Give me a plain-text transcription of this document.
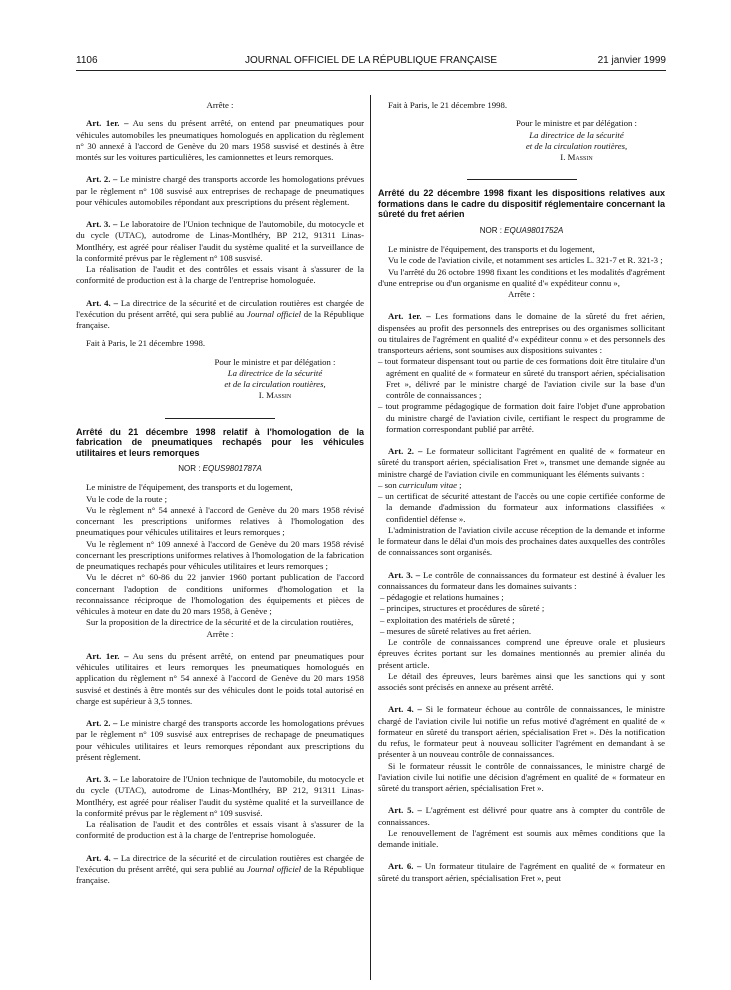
1106	JOURNAL OFFICIEL DE LA RÉPUBLIQUE FRANÇAISE	21 janvier 1999

Arrête :

Art. 1er. – Au sens du présent arrêté, on entend par pneumatiques pour véhicules automobiles les pneumatiques homologués en application du règlement n° 30 annexé à l'accord de Genève du 20 mars 1958 susvisé et destinés à être montés sur les voitures particulières, les camionnettes et leurs remorques.

Art. 2. – Le ministre chargé des transports accorde les homologations prévues par le règlement n° 108 susvisé aux entreprises de rechapage de pneumatiques pour véhicules automobiles répondant aux prescriptions du présent règlement.

Art. 3. – Le laboratoire de l'Union technique de l'automobile, du motocycle et du cycle (UTAC), autodrome de Linas-Montlhéry, BP 212, 91311 Linas-Montlhéry, est agréé pour réaliser l'audit du système qualité et la surveillance de la conformité prévus par le règlement n° 108 susvisé.

La réalisation de l'audit et des contrôles et essais visant à s'assurer de la conformité de production est à la charge de l'entreprise homologuée.

Art. 4. – La directrice de la sécurité et de circulation routières est chargée de l'exécution du présent arrêté, qui sera publié au Journal officiel de la République française.

Fait à Paris, le 21 décembre 1998.

Pour le ministre et par délégation :

La directrice de la sécurité

et de la circulation routières,

I. Massin

Arrêté du 21 décembre 1998 relatif à l'homologation de la fabrication de pneumatiques rechapés pour les véhicules utilitaires et leurs remorques

NOR : EQUS9801787A

Le ministre de l'équipement, des transports et du logement,

Vu le code de la route ;

Vu le règlement n° 54 annexé à l'accord de Genève du 20 mars 1958 révisé concernant les prescriptions uniformes relatives à l'homologation des pneumatiques pour véhicules utilitaires et leurs remorques ;

Vu le règlement n° 109 annexé à l'accord de Genève du 20 mars 1958 révisé concernant les prescriptions uniformes relatives à l'homologation de la fabrication de pneumatiques rechapés pour véhicules utilitaires et leurs remorques ;

Vu le décret n° 60-86 du 22 janvier 1960 portant publication de l'accord concernant l'adoption de conditions uniformes d'homologation et la reconnaissance réciproque de l'homologation des équipements et pièces de véhicules à moteur en date du 20 mars 1958, à Genève ;

Sur la proposition de la directrice de la sécurité et de la circulation routières,

Arrête :

Art. 1er. – Au sens du présent arrêté, on entend par pneumatiques pour véhicules utilitaires et leurs remorques les pneumatiques homologués en application du règlement n° 54 annexé à l'accord de Genève du 20 mars 1958 susvisé et destinés à être montés sur des véhicules dont le poids total autorisé en charge est supérieur à 3,5 tonnes.

Art. 2. – Le ministre chargé des transports accorde les homologations prévues par le règlement n° 109 susvisé aux entreprises de rechapage de pneumatiques pour véhicules utilitaires et leurs remorques répondant aux prescriptions du présent règlement.

Art. 3. – Le laboratoire de l'Union technique de l'automobile, du motocycle et du cycle (UTAC), autodrome de Linas-Montlhéry, BP 212, 91311 Linas-Montlhéry, est agréé pour réaliser l'audit du système qualité et la surveillance de la conformité prévus par le règlement n° 109 susvisé.

La réalisation de l'audit et des contrôles et essais visant à s'assurer de la conformité de production est à la charge de l'entreprise homologuée.

Art. 4. – La directrice de la sécurité et de circulation routières est chargée de l'exécution du présent arrêté, qui sera publié au Journal officiel de la République française.

Fait à Paris, le 21 décembre 1998.

Pour le ministre et par délégation :

La directrice de la sécurité

et de la circulation routières,

I. Massin

Arrêté du 22 décembre 1998 fixant les dispositions relatives aux formations dans le cadre du dispositif réglementaire concernant la sûreté du fret aérien

NOR : EQUA9801752A

Le ministre de l'équipement, des transports et du logement,

Vu le code de l'aviation civile, et notamment ses articles L. 321-7 et R. 321-3 ;

Vu l'arrêté du 26 octobre 1998 fixant les conditions et les modalités d'agrément d'une entreprise ou d'un organisme en qualité d'« expéditeur connu »,

Arrête :

Art. 1er. – Les formations dans le domaine de la sûreté du fret aérien, dispensées au profit des personnels des entreprises ou des organismes sollicitant ou titulaires de l'agrément en qualité d'« expéditeur connu » et des personnels des transporteurs aériens, sont soumises aux dispositions suivantes :

– tout formateur dispensant tout ou partie de ces formations doit être titulaire d'un agrément en qualité de « formateur en sûreté du transport aérien, spécialisation Fret », délivré par le ministre chargé de l'aviation civile sur la base d'un contrôle de connaissances ;

– tout programme pédagogique de formation doit faire l'objet d'une approbation du ministre chargé de l'aviation civile, certifiant le respect du programme de formation correspondant publié par arrêté.

Art. 2. – Le formateur sollicitant l'agrément en qualité de « formateur en sûreté du transport aérien, spécialisation Fret », transmet une demande signée au ministre chargé de l'aviation civile en communiquant les éléments suivants :

– son curriculum vitae ;

– un certificat de sécurité attestant de l'accès ou une copie certifiée conforme de la demande d'admission du formateur aux informations classifiées « confidentiel défense ».

L'administration de l'aviation civile accuse réception de la demande et informe le formateur dans le délai d'un mois des prochaines dates auxquelles des contrôles de connaissances sont organisés.

Art. 3. – Le contrôle de connaissances du formateur est destiné à évaluer les connaissances du formateur dans les domaines suivants :

– pédagogie et relations humaines ;

– principes, structures et procédures de sûreté ;

– exploitation des matériels de sûreté ;

– mesures de sûreté relatives au fret aérien.

Le contrôle de connaissances comprend une épreuve orale et plusieurs épreuves écrites portant sur les domaines mentionnés au premier alinéa du présent article.

Le détail des épreuves, leurs barèmes ainsi que les sanctions qui y sont associés sont précisés en annexe au présent arrêté.

Art. 4. – Si le formateur échoue au contrôle de connaissances, le ministre chargé de l'aviation civile lui notifie un refus motivé d'agrément en qualité de « formateur en sûreté du transport aérien, spécialisation Fret ». Dès la notification du refus, le formateur peut à nouveau solliciter l'agrément en demandant à se présenter à un nouveau contrôle de connaissances.

Si le formateur réussit le contrôle de connaissances, le ministre chargé de l'aviation civile lui notifie une décision d'agrément en qualité de « formateur en sûreté du transport aérien, spécialisation Fret ».

Art. 5. – L'agrément est délivré pour quatre ans à compter du contrôle de connaissances.

Le renouvellement de l'agrément est soumis aux mêmes conditions que la demande initiale.

Art. 6. – Un formateur titulaire de l'agrément en qualité de « formateur en sûreté du transport aérien, spécialisation Fret », peut
